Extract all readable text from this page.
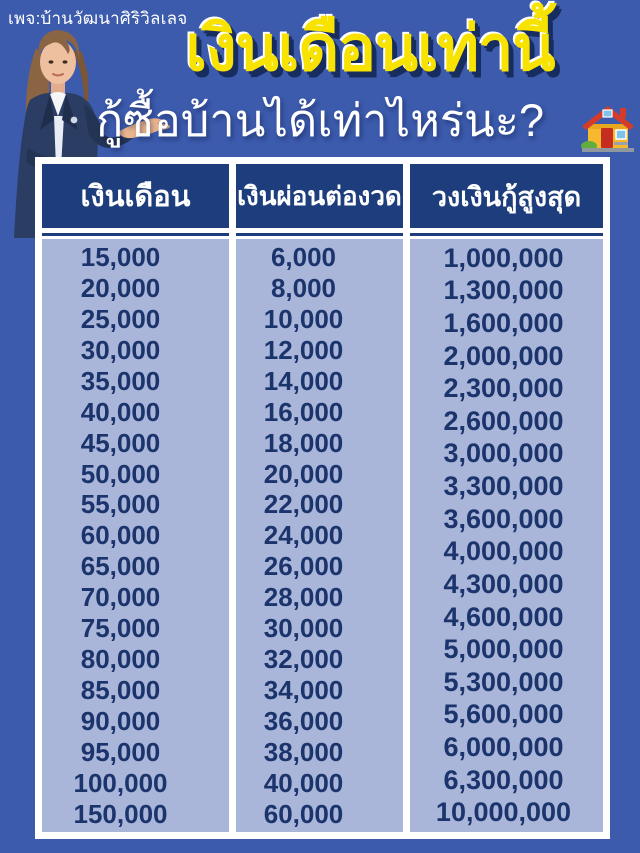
เพจ:บ้านวัฒนาศิริวิลเลจ
เงินเดือนเท่านี้
กู้ซื้อบ้านได้เท่าไหร่นะ?
เงินเดือน	เงินผ่อนต่องวด	วงเงินกู้สูงสุด
15,000
20,000
25,000
30,000
35,000
40,000
45,000
50,000
55,000
60,000
65,000
70,000
75,000
80,000
85,000
90,000
95,000
100,000
150,000
6,000
8,000
10,000
12,000
14,000
16,000
18,000
20,000
22,000
24,000
26,000
28,000
30,000
32,000
34,000
36,000
38,000
40,000
60,000
1,000,000
1,300,000
1,600,000
2,000,000
2,300,000
2,600,000
3,000,000
3,300,000
3,600,000
4,000,000
4,300,000
4,600,000
5,000,000
5,300,000
5,600,000
6,000,000
6,300,000
10,000,000
